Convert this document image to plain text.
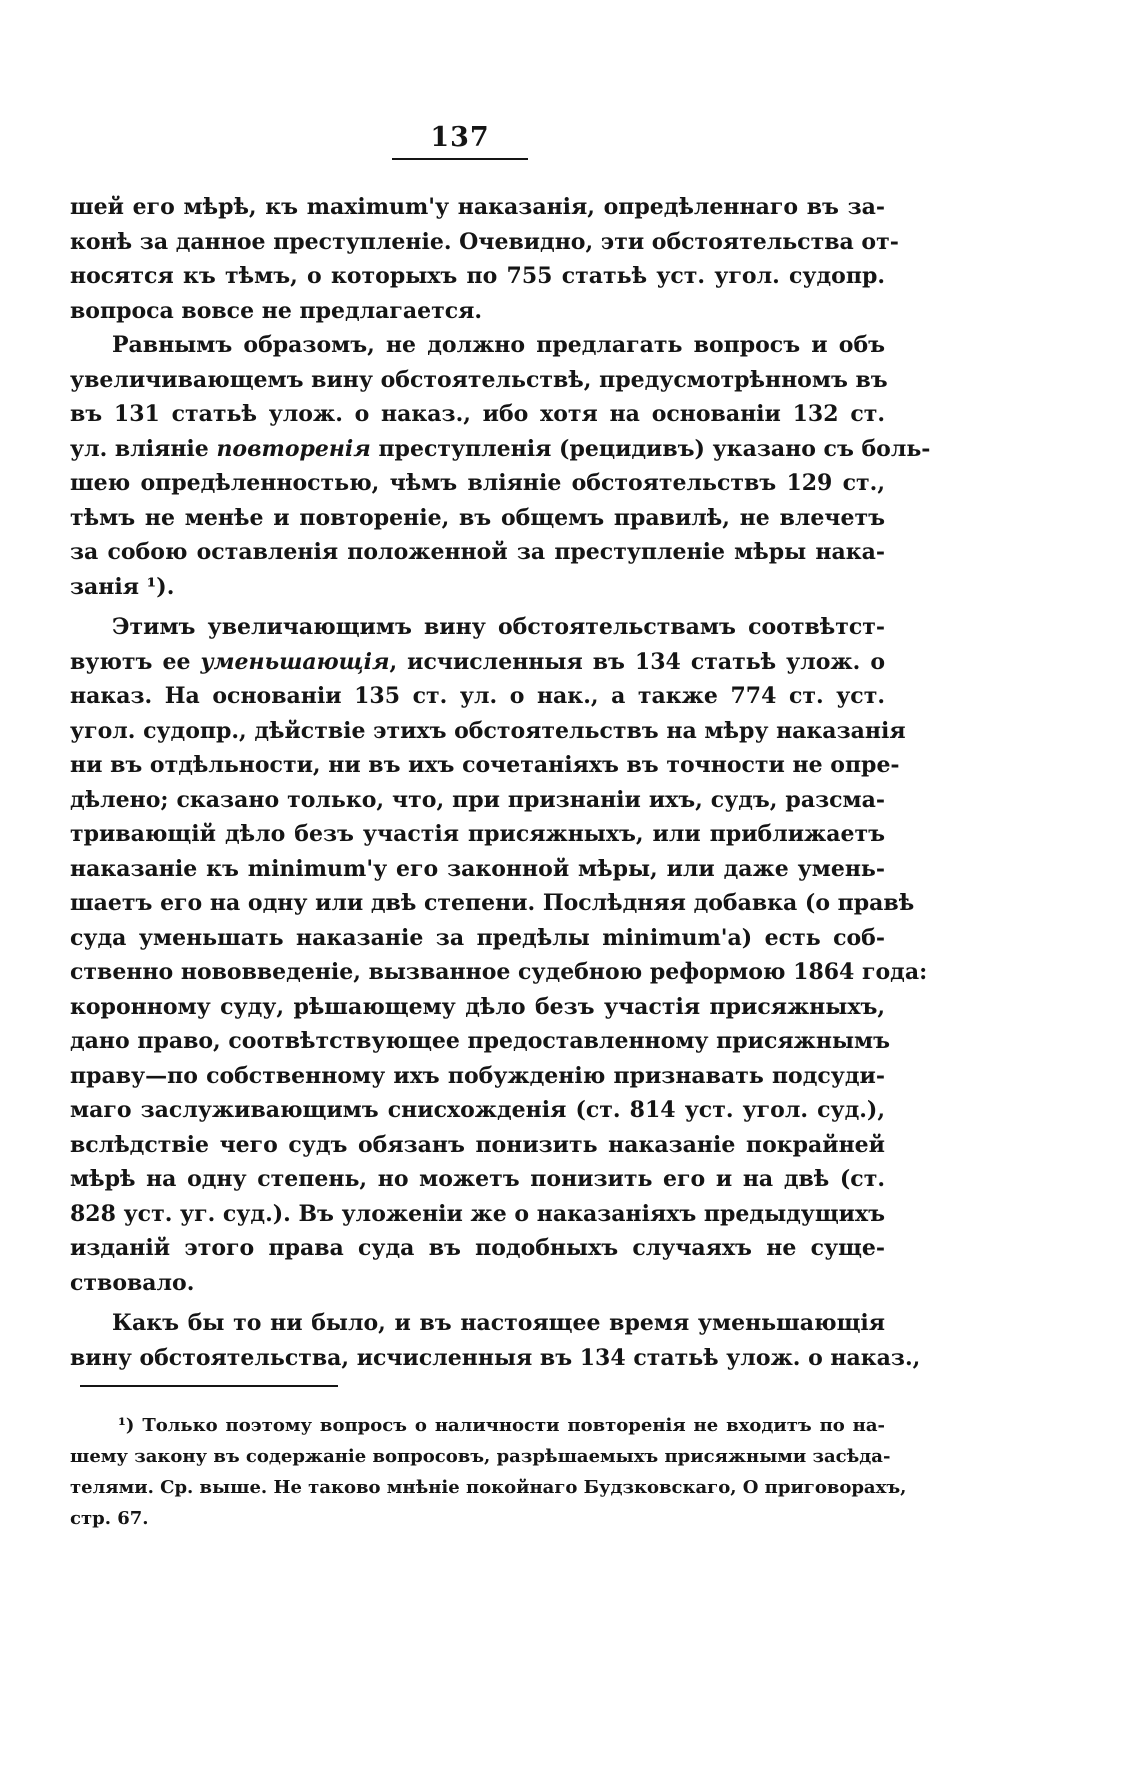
137
шей его мѣрѣ, къ maximum'у наказанія, опредѣленнаго въ за-
конѣ за данное преступленіе. Очевидно, эти обстоятельства от-
носятся къ тѣмъ, о которыхъ по 755 статьѣ уст. угол. судопр.
вопроса вовсе не предлагается.
Равнымъ образомъ, не должно предлагать вопросъ и объ
увеличивающемъ вину обстоятельствѣ, предусмотрѣнномъ въ
въ 131 статьѣ улож. о наказ., ибо хотя на основаніи 132 ст.
ул. вліяніе повторенія преступленія (рецидивъ) указано съ боль-
шею опредѣленностью, чѣмъ вліяніе обстоятельствъ 129 ст.,
тѣмъ не менѣе и повтореніе, въ общемъ правилѣ, не влечетъ
за собою оставленія положенной за преступленіе мѣры нака-
занія ¹).
Этимъ увеличающимъ вину обстоятельствамъ соотвѣтст-
вуютъ ее уменьшающія, исчисленныя въ 134 статьѣ улож. о
наказ. На основаніи 135 ст. ул. о нак., а также 774 ст. уст.
угол. судопр., дѣйствіе этихъ обстоятельствъ на мѣру наказанія
ни въ отдѣльности, ни въ ихъ сочетаніяхъ въ точности не опре-
дѣлено; сказано только, что, при признаніи ихъ, судъ, разсма-
тривающій дѣло безъ участія присяжныхъ, или приближаетъ
наказаніе къ minimum'у его законной мѣры, или даже умень-
шаетъ его на одну или двѣ степени. Послѣдняя добавка (о правѣ
суда уменьшать наказаніе за предѣлы minimum'а) есть соб-
ственно нововведеніе, вызванное судебною реформою 1864 года:
коронному суду, рѣшающему дѣло безъ участія присяжныхъ,
дано право, соотвѣтствующее предоставленному присяжнымъ
праву—по собственному ихъ побужденію признавать подсуди-
маго заслуживающимъ снисхожденія (ст. 814 уст. угол. суд.),
вслѣдствіе чего судъ обязанъ понизить наказаніе покрайней
мѣрѣ на одну степень, но можетъ понизить его и на двѣ (ст.
828 уст. уг. суд.). Въ уложеніи же о наказаніяхъ предыдущихъ
изданій этого права суда въ подобныхъ случаяхъ не суще-
ствовало.
Какъ бы то ни было, и въ настоящее время уменьшающія
вину обстоятельства, исчисленныя въ 134 статьѣ улож. о наказ.,
¹) Только поэтому вопросъ о наличности повторенія не входитъ по на-
шему закону въ содержаніе вопросовъ, разрѣшаемыхъ присяжными засѣда-
телями. Ср. выше. Не таково мнѣніе покойнаго Будзковскаго, О приговорахъ,
стр. 67.
